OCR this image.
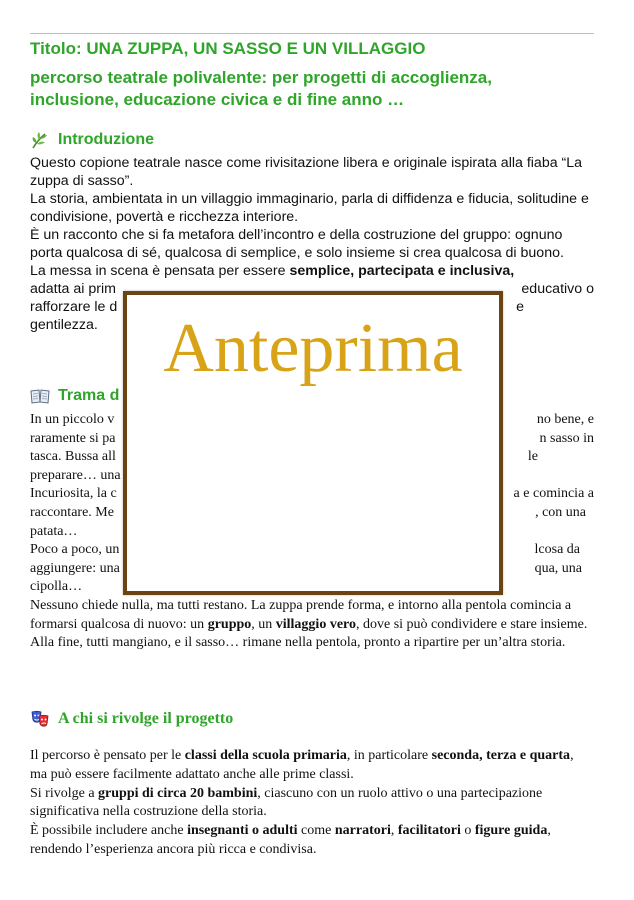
Titolo: UNA ZUPPA, UN SASSO E UN VILLAGGIO
percorso teatrale polivalente: per progetti di accoglienza,
inclusione, educazione civica e di fine anno …
Introduzione

Questo copione teatrale nasce come rivisitazione libera e originale ispirata alla fiaba “La zuppa di sasso”.

La storia, ambientata in un villaggio immaginario, parla di diffidenza e fiducia, solitudine e condivisione, povertà e ricchezza interiore.

È un racconto che si fa metafora dell’incontro e della costruzione del gruppo: ognuno porta qualcosa di sé, qualcosa di semplice, e solo insieme si crea qualcosa di buono.

La messa in scena è pensata per essere semplice, partecipata e inclusiva,

adatta ai prim	educativo o

rafforzare le d	e

gentilezza.

Trama d

In un piccolo v	no bene, e

raramente si pa	n sasso in

tasca. Bussa all	le

preparare… una

Incuriosita, la c	a e comincia a

raccontare. Me	, con una

patata…

Poco a poco, un	lcosa da

aggiungere: una	qua, una

cipolla…

Nessuno chiede nulla, ma tutti restano. La zuppa prende forma, e intorno alla pentola comincia a formarsi qualcosa di nuovo: un gruppo, un villaggio vero, dove si può condividere e stare insieme.

Alla fine, tutti mangiano, e il sasso… rimane nella pentola, pronto a ripartire per un’altra storia.

A chi si rivolge il progetto

Il percorso è pensato per le classi della scuola primaria, in particolare seconda, terza e quarta, ma può essere facilmente adattato anche alle prime classi.

Si rivolge a gruppi di circa 20 bambini, ciascuno con un ruolo attivo o una partecipazione significativa nella costruzione della storia.

È possibile includere anche insegnanti o adulti come narratori, facilitatori o figure guida, rendendo l’esperienza ancora più ricca e condivisa.

Anteprima
